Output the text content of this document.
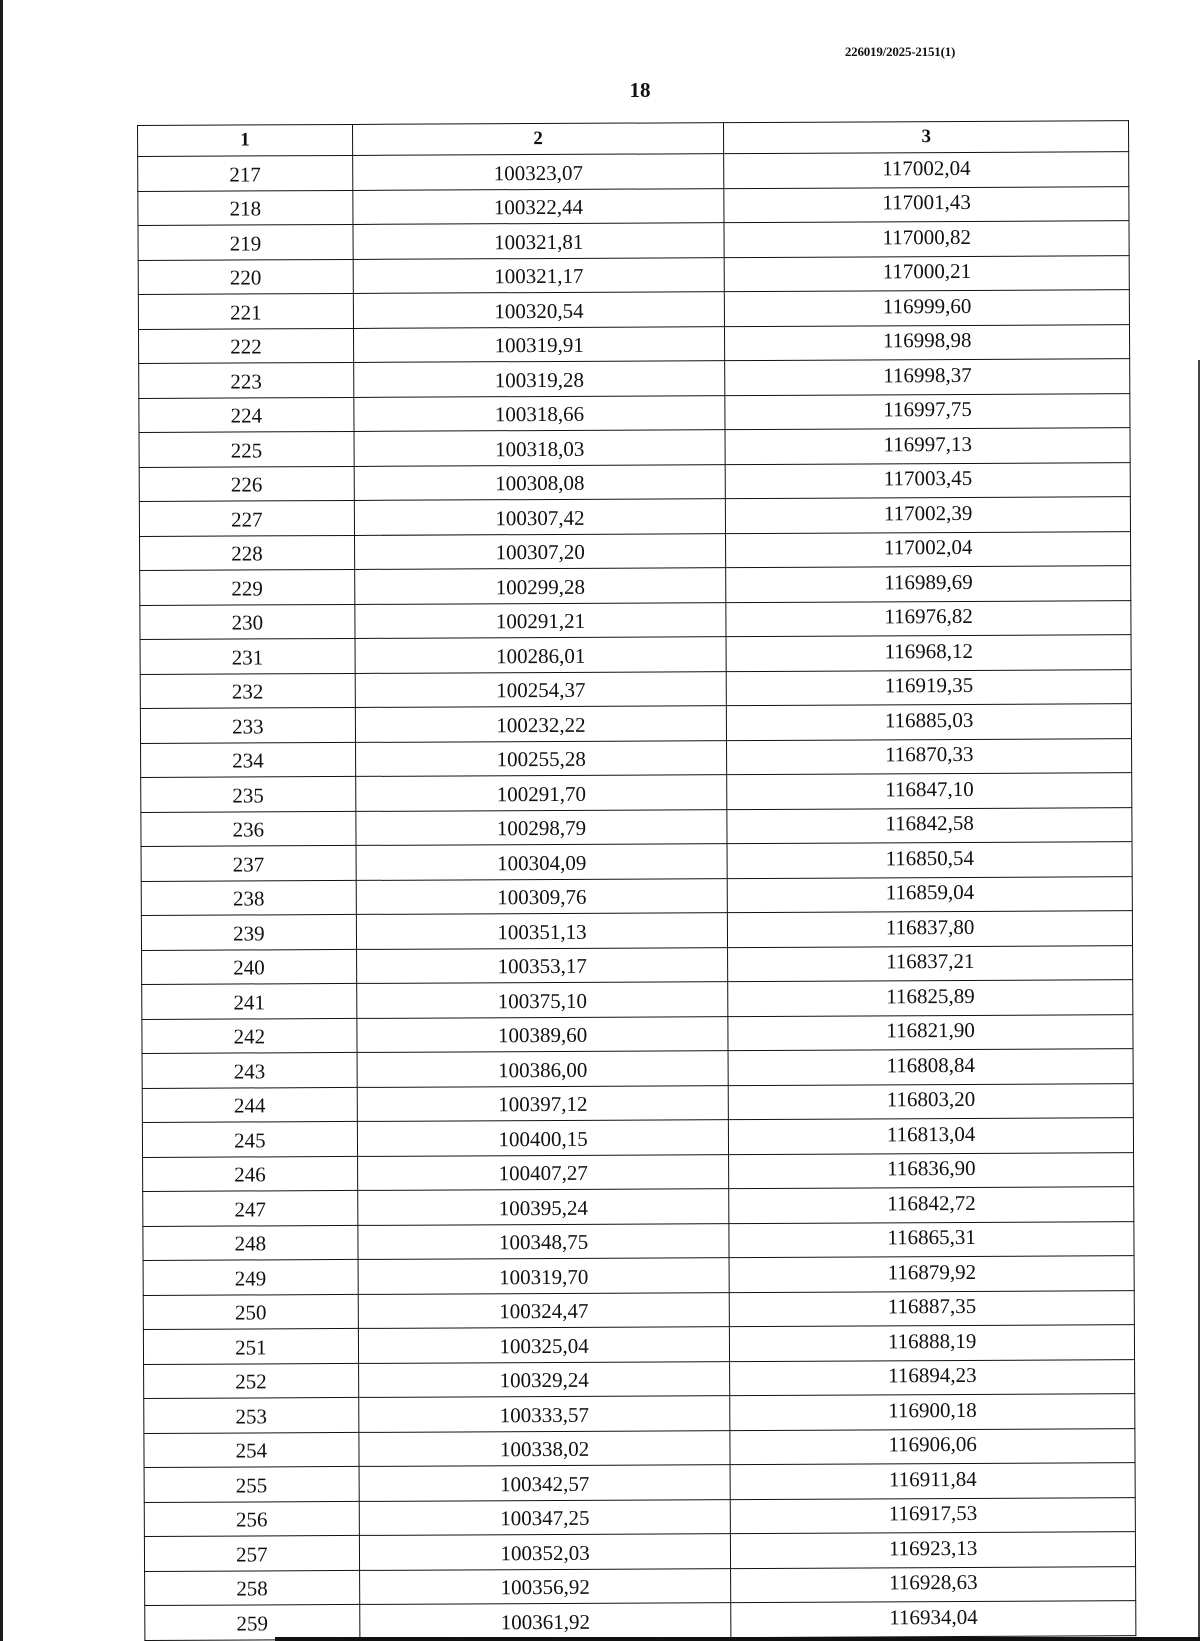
226019/2025-2151(1)
18
1	2	3
217	100323,07	117002,04
218	100322,44	117001,43
219	100321,81	117000,82
220	100321,17	117000,21
221	100320,54	116999,60
222	100319,91	116998,98
223	100319,28	116998,37
224	100318,66	116997,75
225	100318,03	116997,13
226	100308,08	117003,45
227	100307,42	117002,39
228	100307,20	117002,04
229	100299,28	116989,69
230	100291,21	116976,82
231	100286,01	116968,12
232	100254,37	116919,35
233	100232,22	116885,03
234	100255,28	116870,33
235	100291,70	116847,10
236	100298,79	116842,58
237	100304,09	116850,54
238	100309,76	116859,04
239	100351,13	116837,80
240	100353,17	116837,21
241	100375,10	116825,89
242	100389,60	116821,90
243	100386,00	116808,84
244	100397,12	116803,20
245	100400,15	116813,04
246	100407,27	116836,90
247	100395,24	116842,72
248	100348,75	116865,31
249	100319,70	116879,92
250	100324,47	116887,35
251	100325,04	116888,19
252	100329,24	116894,23
253	100333,57	116900,18
254	100338,02	116906,06
255	100342,57	116911,84
256	100347,25	116917,53
257	100352,03	116923,13
258	100356,92	116928,63
259	100361,92	116934,04
